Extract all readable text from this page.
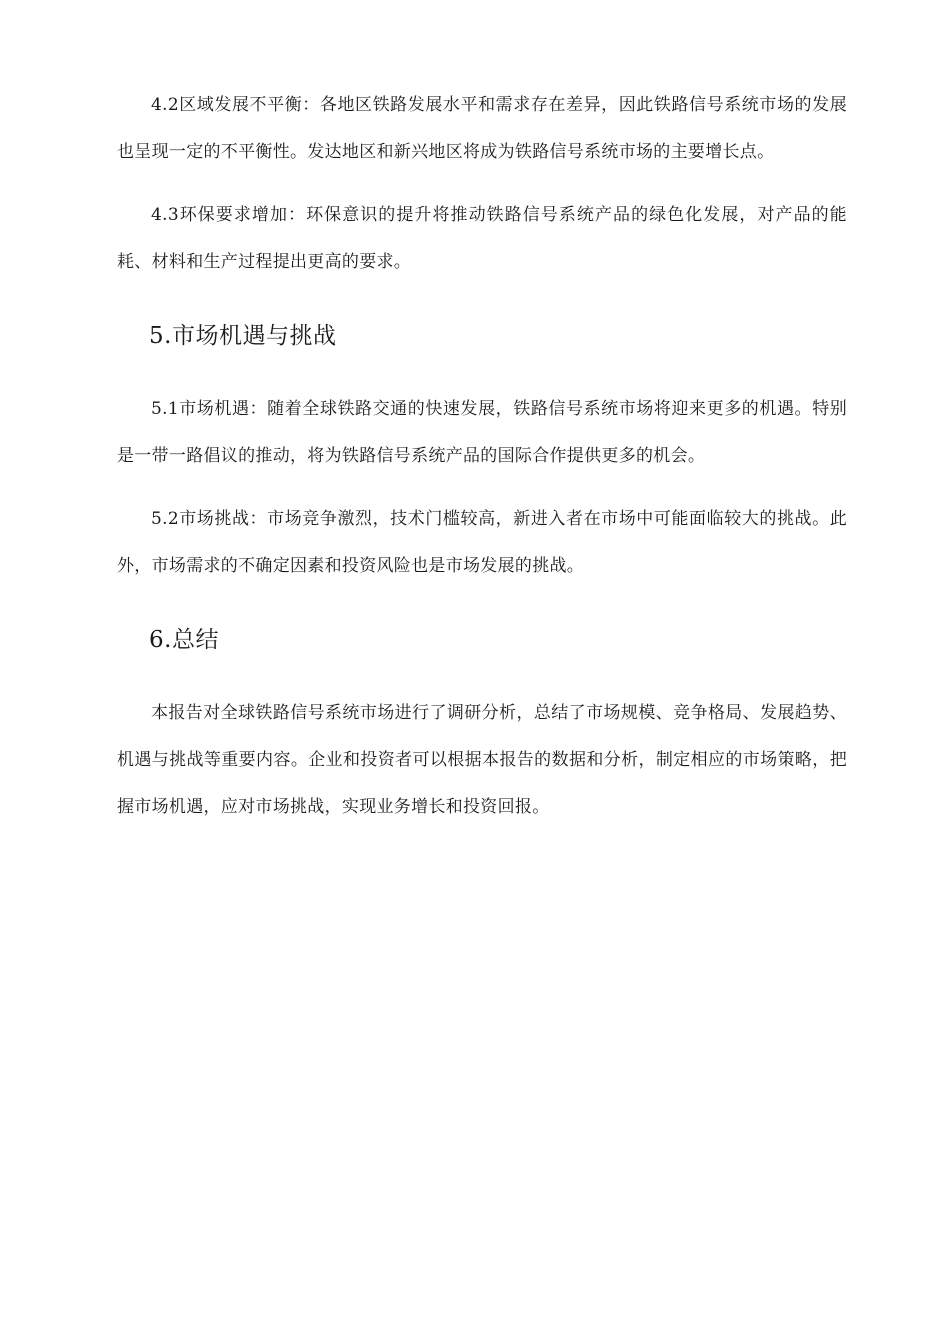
4.2区域发展不平衡：各地区铁路发展水平和需求存在差异，因此铁路信号系统市场的发展也呈现一定的不平衡性。发达地区和新兴地区将成为铁路信号系统市场的主要增长点。

4.3环保要求增加：环保意识的提升将推动铁路信号系统产品的绿色化发展，对产品的能耗、材料和生产过程提出更高的要求。

5.市场机遇与挑战

5.1市场机遇：随着全球铁路交通的快速发展，铁路信号系统市场将迎来更多的机遇。特别是一带一路倡议的推动，将为铁路信号系统产品的国际合作提供更多的机会。

5.2市场挑战：市场竞争激烈，技术门槛较高，新进入者在市场中可能面临较大的挑战。此外，市场需求的不确定因素和投资风险也是市场发展的挑战。

6.总结

本报告对全球铁路信号系统市场进行了调研分析，总结了市场规模、竞争格局、发展趋势、机遇与挑战等重要内容。企业和投资者可以根据本报告的数据和分析，制定相应的市场策略，把握市场机遇，应对市场挑战，实现业务增长和投资回报。
